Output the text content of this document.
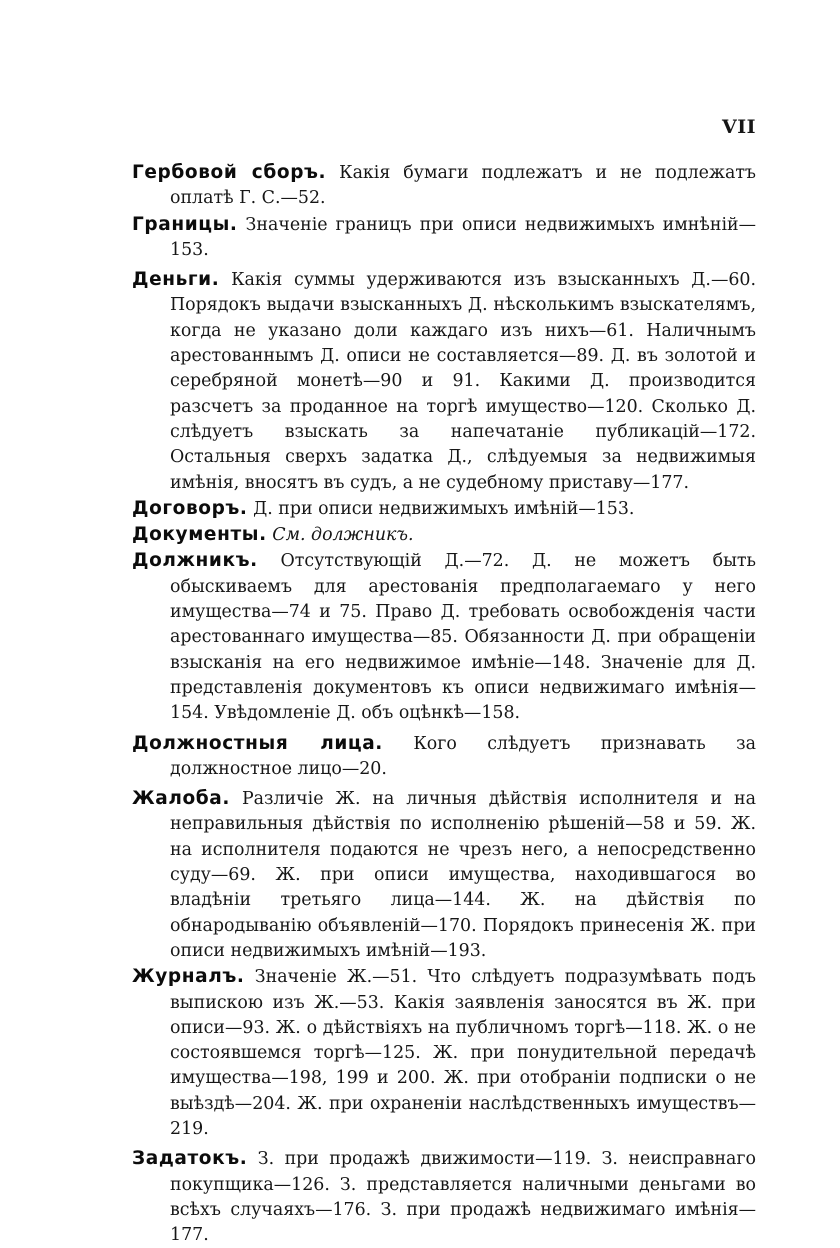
VII

Гербовой сборъ. Какія бумаги подлежатъ и не подлежатъ оплатѣ Г. С.—52.

Границы. Значеніе границъ при описи недвижимыхъ имнѣній—153.

Деньги. Какія суммы удерживаются изъ взысканныхъ Д.—60. Порядокъ выдачи взысканныхъ Д. нѣсколькимъ взыскателямъ, когда не указано доли каждаго изъ нихъ—61. Наличнымъ арестованнымъ Д. описи не составляется—89. Д. въ золотой и серебряной монетѣ—90 и 91. Какими Д. производится разсчетъ за проданное на торгѣ имущество—120. Сколько Д. слѣдуетъ взыскать за напечатаніе публикацій—172. Остальныя сверхъ задатка Д., слѣдуемыя за недвижимыя имѣнія, вносятъ въ судъ, а не судебному приставу—177.

Договоръ. Д. при описи недвижимыхъ имѣній—153.

Документы. См. должникъ.

Должникъ. Отсутствующій Д.—72. Д. не можетъ быть обыскиваемъ для арестованія предполагаемаго у него имущества—74 и 75. Право Д. требовать освобожденія части арестованнаго имущества—85. Обязанности Д. при обращеніи взысканія на его недвижимое имѣніе—148. Значеніе для Д. представленія документовъ къ описи недвижимаго имѣнія—154. Увѣдомленіе Д. объ оцѣнкѣ—158.

Должностныя лица. Кого слѣдуетъ признавать за должностное лицо—20.

Жалоба. Различіе Ж. на личныя дѣйствія исполнителя и на неправильныя дѣйствія по исполненію рѣшеній—58 и 59. Ж. на исполнителя подаются не чрезъ него, а непосредственно суду—69. Ж. при описи имущества, находившагося во владѣніи третьяго лица—144. Ж. на дѣйствія по обнародыванію объявленій—170. Порядокъ принесенія Ж. при описи недвижимыхъ имѣній—193.

Журналъ. Значеніе Ж.—51. Что слѣдуетъ подразумѣвать подъ выпискою изъ Ж.—53. Какія заявленія заносятся въ Ж. при описи—93. Ж. о дѣйствіяхъ на публичномъ торгѣ—118. Ж. о не состоявшемся торгѣ—125. Ж. при понудительной передачѣ имущества—198, 199 и 200. Ж. при отобраніи подписки о не выѣздѣ—204. Ж. при охраненіи наслѣдственныхъ имуществъ—219.

Задатокъ. З. при продажѣ движимости—119. З. неисправнаго покупщика—126. З. представляется наличными деньгами во всѣхъ случаяхъ—176. З. при продажѣ недвижимаго имѣнія—177.
